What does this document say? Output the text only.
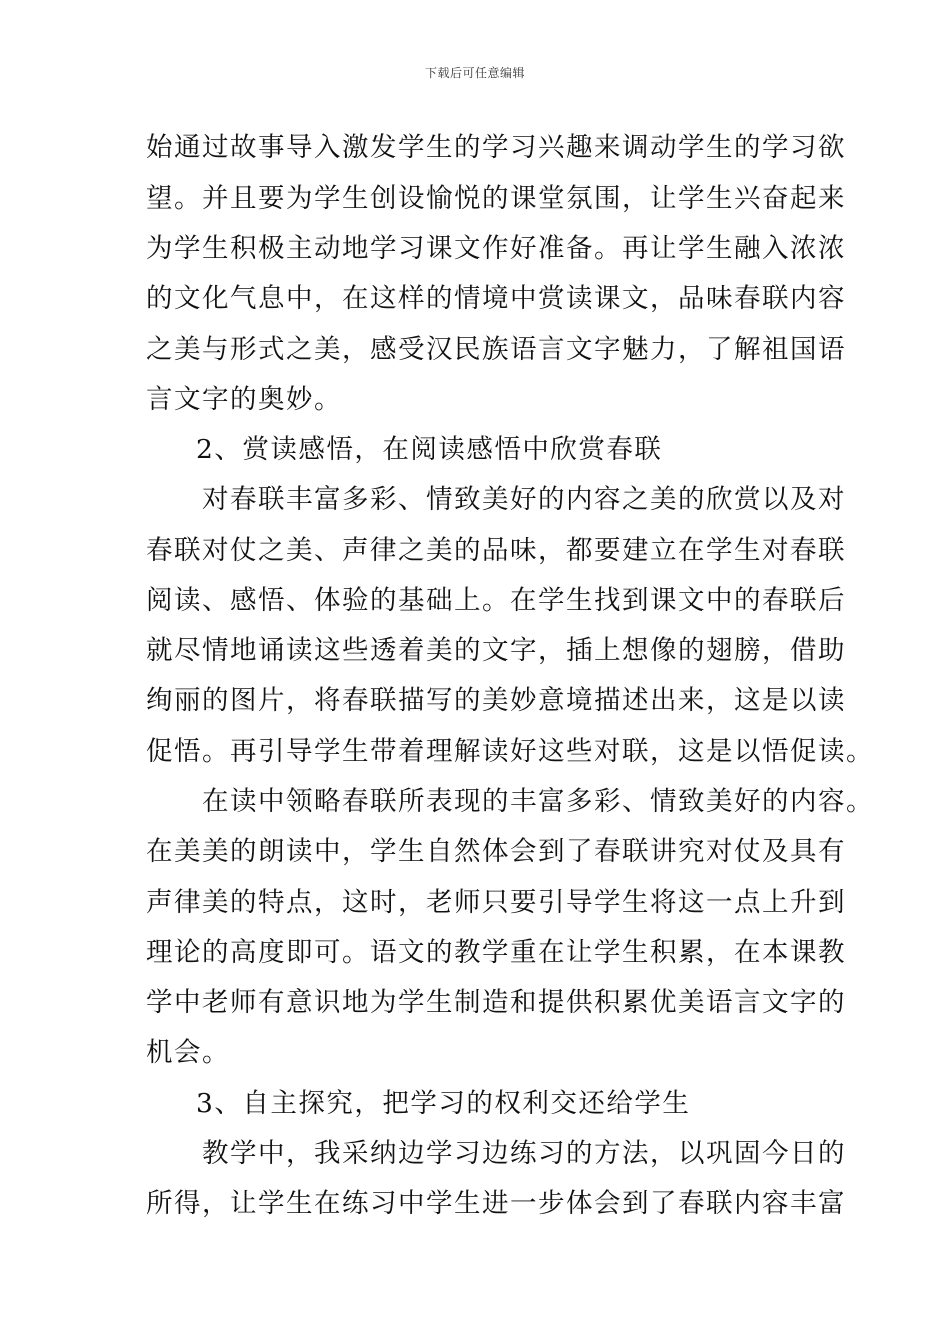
下载后可任意编辑
始通过故事导入激发学生的学习兴趣来调动学生的学习欲
望。并且要为学生创设愉悦的课堂氛围，让学生兴奋起来
为学生积极主动地学习课文作好准备。再让学生融入浓浓
的文化气息中，在这样的情境中赏读课文，品味春联内容
之美与形式之美，感受汉民族语言文字魅力，了解祖国语
言文字的奥妙。
2、赏读感悟，在阅读感悟中欣赏春联
对春联丰富多彩、情致美好的内容之美的欣赏以及对
春联对仗之美、声律之美的品味，都要建立在学生对春联
阅读、感悟、体验的基础上。在学生找到课文中的春联后
就尽情地诵读这些透着美的文字，插上想像的翅膀，借助
绚丽的图片，将春联描写的美妙意境描述出来，这是以读
促悟。再引导学生带着理解读好这些对联，这是以悟促读。
在读中领略春联所表现的丰富多彩、情致美好的内容。
在美美的朗读中，学生自然体会到了春联讲究对仗及具有
声律美的特点，这时，老师只要引导学生将这一点上升到
理论的高度即可。语文的教学重在让学生积累，在本课教
学中老师有意识地为学生制造和提供积累优美语言文字的
机会。
3、自主探究，把学习的权利交还给学生
教学中，我采纳边学习边练习的方法，以巩固今日的
所得，让学生在练习中学生进一步体会到了春联内容丰富
